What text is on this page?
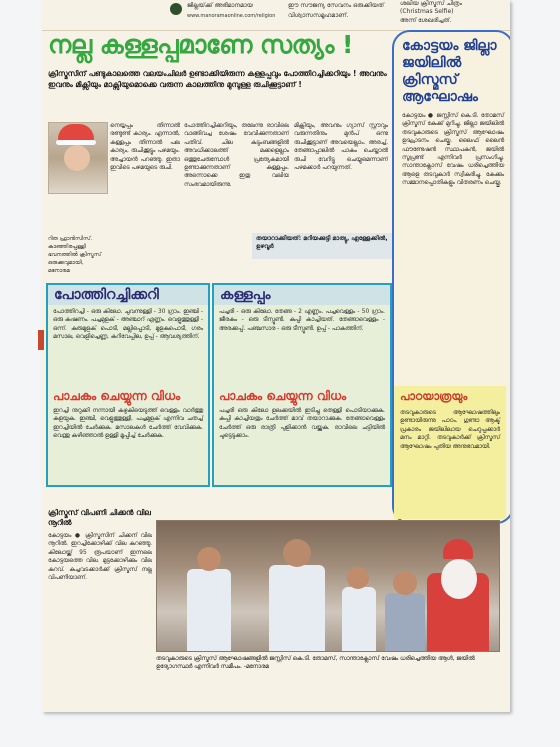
ജില്ലയ്‌ക്ക് അഭിമാനമായ
www.manoramaonline.com/religion
ഈ സൗജന്യ സേവനം ഒരുക്കിയത്
വിശ്വാസസമൂഹമാണ്.
ശലിയ ക്രിസ്മസ് ചിത്രം
(Christmas Selfie)
അന്ന് ശേഖരിച്ചത്.
നല്ല കള്ളപ്പമാണേ സത്യം !
ക്രിസ്മസിന് പണ്ടുകാലത്തെ വലയംചിലർ ഉണ്ടാക്കിയിരുന്ന കള്ളപ്പവും പോത്തിറച്ചിക്കറിയും ! അവനും ഇവനും മിക്സിയും മാക്സിയുമൊക്കെ വരുന്ന കാലത്തിനു മുമ്പുള്ള രുചിക്കൂട്ടാണ് !
റിത ഫ്രാൻസിസ്. കാഞ്ഞിരപ്പള്ളി ഭവനത്തിൽ ക്രിസ്മസ് ഒരുക്കവുമായി, മനോരമ
നെയ്യപ്പം തിന്നാൽ രണ്ടുണ്ട് കാര്യം. എന്നാൽ, കള്ളപ്പം തിന്നാൽ പല കാര്യം, രുചിക്കൂട്ടും പഴമയും. അച്ചായൻ പറഞ്ഞു. ഇതാ ഇവിടെ പഴമയുടെ രുചി.
പോത്തിറച്ചിക്കറിയും, തലേന്നു രാവിലെ വാങ്ങിവച്ച ശേഷം വേവിക്കുന്നതാണ് പതിവ്. ചില കുടുംബങ്ങളിൽ അവധിക്കാലത്ത് മക്കളെല്ലാം ഒത്തുചേരുമ്പോൾ പ്രത്യേകമായി ഉണ്ടാക്കുന്നതാണ് കള്ളപ്പം. അന്നൊക്കെ ഇതു വലിയ സംഭവമായിരുന്നു.
മിക്സിയും, അവനും ഗ്യാസ് സ്റ്റൗവും വരുന്നതിനും മുൻപ് ഒന്നു രുചിക്കൂട്ടാണ് അവയെല്ലാം. അരച്ച്, തേങ്ങാപ്പാലിൽ പാകം ചെയ്താൽ രുചി വേറിട്ടു ചെയ്യുമെന്നാണ് പഴമക്കാർ പറയുന്നത്.
തയാറാക്കിയത്: മറിയക്കുട്ടി മാത്യു, ഏള്ളേക്കിൽ, ഉഴവൂർ
പോത്തിറച്ചിക്കറി
പോത്തിറച്ചി - ഒരു കിലോ. ചുവന്നുള്ളി - 30 ഗ്രാം. ഇഞ്ചി - ഒരു കഷണം. പച്ചമുളക് - അഞ്ചാറ് എണ്ണം. വെളുത്തുള്ളി - ഒന്ന്. കുരുമുളക് പൊടി, മല്ലിപ്പൊടി, മുളകുപൊടി, ഗരം മസാല, വെളിച്ചെണ്ണ, കറിവേപ്പില, ഉപ്പ് - ആവശ്യത്തിന്.
പാചകം ചെയ്യുന്ന വിധം
ഇറച്ചി നുറുക്കി നന്നായി കഴുകിയെടുത്ത് വെള്ളം വാർത്തു കളയുക. ഇഞ്ചി, വെളുത്തുള്ളി, പച്ചമുളക് എന്നിവ ചതച്ച് ഇറച്ചിയിൽ ചേർക്കുക. മസാലകൾ ചേർത്ത് വേവിക്കുക. വെന്തു കഴിഞ്ഞാൽ ഉള്ളി മൂപ്പിച്ച് ചേർക്കുക.
കള്ളപ്പം
പച്ചരി - ഒരു കിലോ. തേങ്ങ - 2 എണ്ണം. പച്ചവെള്ളം - 50 ഗ്രാം. ജീരകം - ഒരു ടീസ്പൂൺ. കപ്പി കാച്ചിയത്. തേങ്ങാവെള്ളം - അരക്കപ്പ്. പഞ്ചസാര - ഒരു ടീസ്പൂൺ. ഉപ്പ് - പാകത്തിന്.
പാചകം ചെയ്യുന്ന വിധം
പച്ചരി ഒരു കിലോ ഉലക്കയിൽ ഇടിച്ചു തെള്ളി പൊടിയാക്കുക. കപ്പി കാച്ചിയതും ചേർത്ത് മാവ് തയാറാക്കുക. തേങ്ങാവെള്ളം ചേർത്ത് ഒരു രാത്രി പുളിക്കാൻ വയ്ക്കുക. രാവിലെ ചട്ടിയിൽ ചുട്ടെടുക്കാം.
കോട്ടയം ജില്ലാ ജയിലിൽ ക്രിസ്മസ് ആഘോഷം
കോട്ടയം ● ജസ്റ്റിസ് കെ.ടി. തോമസ് ക്രിസ്മസ് കേക്ക് മുറിച്ചു. ജില്ലാ ജയിലിൽ തടവുകാരുടെ ക്രിസ്മസ് ആഘോഷം ഉദ്ഘാടനം ചെയ്തു. ലൈഫ് ലൈൻ ഫൗണ്ടേഷൻ സ്ഥാപകൻ, ജയിൽ സൂപ്രണ്ട് എന്നിവർ പ്രസംഗിച്ചു. സാന്താക്ലോസ് വേഷം ധരിച്ചെത്തിയ ആളെ തടവുകാർ സ്വീകരിച്ചു. കേക്കും സമ്മാനപ്പൊതികളും വിതരണം ചെയ്തു.
പാഠയാത്രയും
തടവുകാരുടെ ആഘോഷത്തിലും ഉണ്ടായിരുന്നു പാഠം. ഗുണ്ടാ ആക്ട് പ്രകാരം ജയിലിലായ ചെറുപ്പക്കാർ മനം മാറ്റി. തടവുകാർക്ക് ക്രിസ്മസ് ആഘോഷം പുതിയ അനുഭവമായി.
ക്രിസ്മസ് വിപണി ചിക്കൻ വില നൂറിൽ
കോട്ടയം ● ക്രിസ്മസിന് ചിക്കന് വില നൂറിൽ. ഇറച്ചിക്കോഴിക്ക് വില കുറഞ്ഞു. കിലോയ്ക്ക് 95 രൂപയാണ് ഇന്നലെ കോട്ടയത്തെ വില. മുട്ടക്കോഴിക്കും വില കുറവ്. കച്ചവടക്കാർക്ക് ക്രിസ്മസ് നല്ല വിപണിയാണ്.
തടവുകാരുടെ ക്രിസ്മസ് ആഘോഷങ്ങളിൽ ജസ്റ്റിസ് കെ.ടി. തോമസ്, സാന്താക്ലോസ് വേഷം ധരിച്ചെത്തിയ ആൾ, ജയിൽ ഉദ്യോഗസ്ഥർ എന്നിവർ സമീപം. -മനോരമ
